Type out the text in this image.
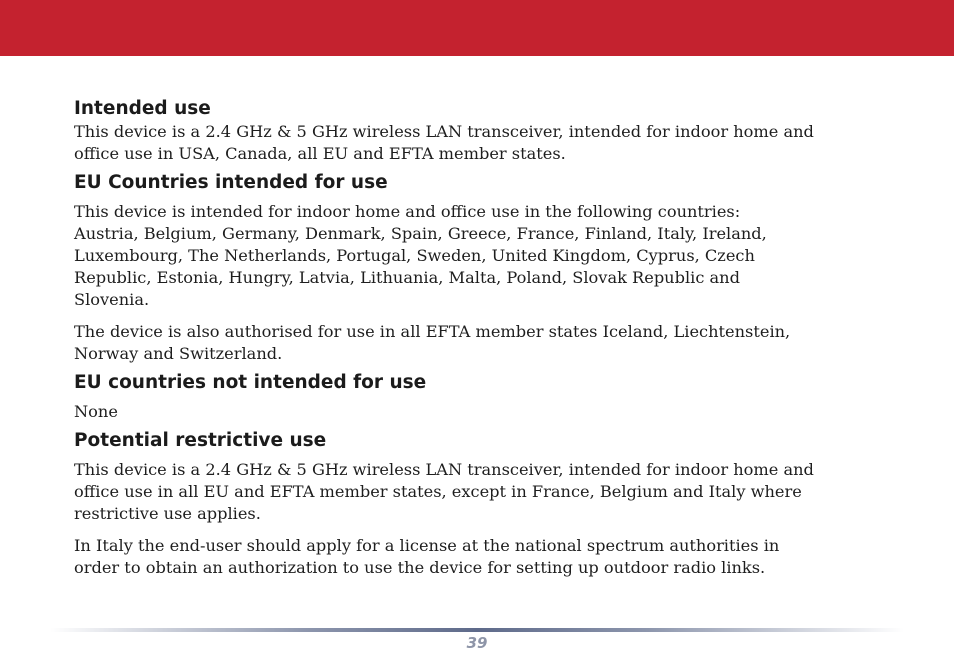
Intended use

This device is a 2.4 GHz & 5 GHz wireless LAN transceiver, intended for indoor home and
office use in USA, Canada, all EU and EFTA member states.

EU Countries intended for use

This device is intended for indoor home and office use in the following countries:
Austria, Belgium, Germany, Denmark, Spain, Greece, France, Finland, Italy, Ireland,
Luxembourg, The Netherlands, Portugal, Sweden, United Kingdom, Cyprus, Czech
Republic, Estonia, Hungry, Latvia, Lithuania, Malta, Poland, Slovak Republic and
Slovenia.

The device is also authorised for use in all EFTA member states Iceland, Liechtenstein,
Norway and Switzerland.

EU countries not intended for use

None

Potential restrictive use

This device is a 2.4 GHz & 5 GHz wireless LAN transceiver, intended for indoor home and
office use in all EU and EFTA member states, except in France, Belgium and Italy where
restrictive use applies.

In Italy the end-user should apply for a license at the national spectrum authorities in
order to obtain an authorization to use the device for setting up outdoor radio links.

39
